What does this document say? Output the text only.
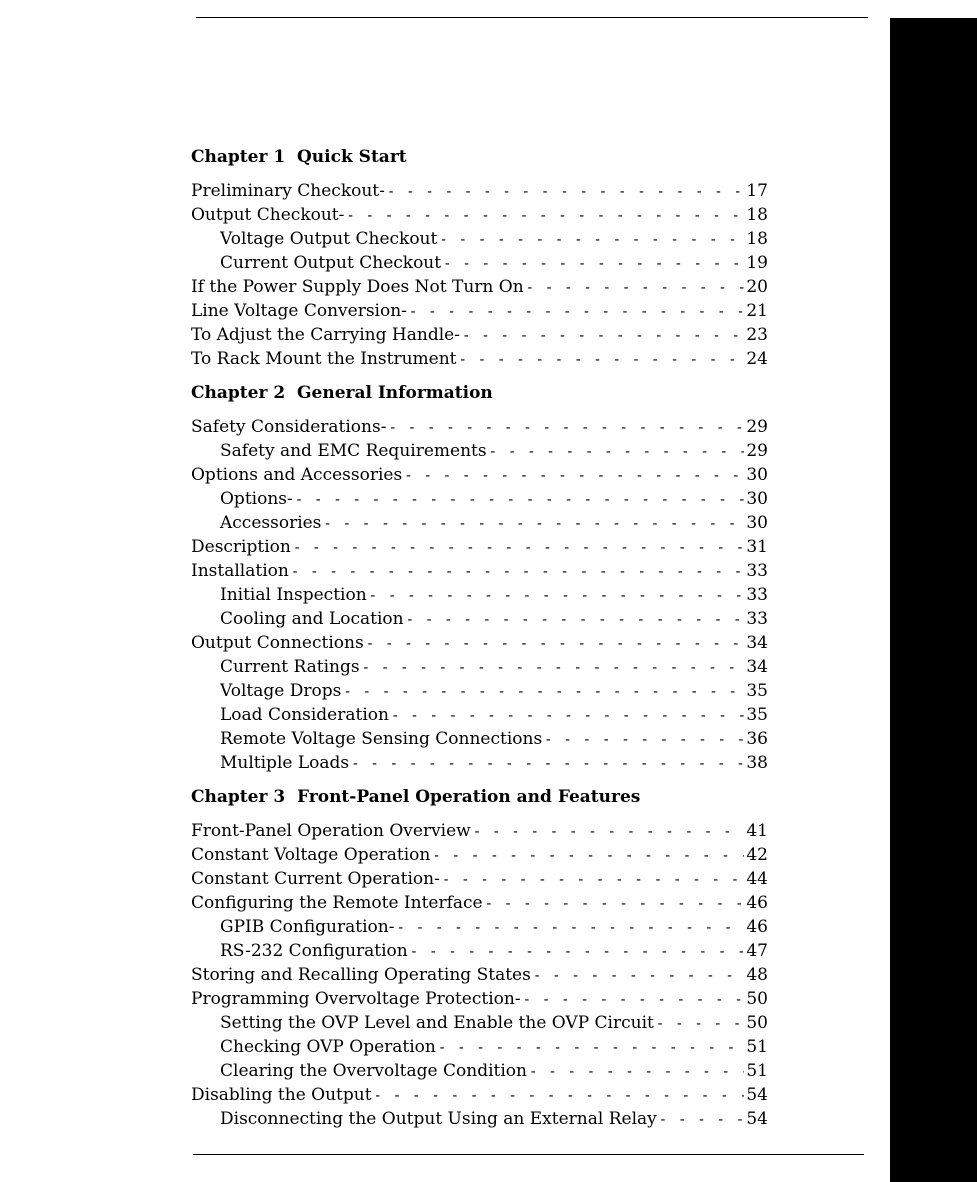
Chapter 1  Quick Start
Preliminary Checkout- - - -	17
Output Checkout- - - -	18
Voltage Output Checkout - - -	18
Current Output Checkout - - -	19
If the Power Supply Does Not Turn On - - -	20
Line Voltage Conversion- - - -	21
To Adjust the Carrying Handle- - - -	23
To Rack Mount the Instrument - - -	24
Chapter 2  General Information
Safety Considerations- - - -	29
Safety and EMC Requirements - - -	29
Options and Accessories - - -	30
Options- - - -	30
Accessories - - -	30
Description - - -	31
Installation - - -	33
Initial Inspection - - -	33
Cooling and Location - - -	33
Output Connections - - -	34
Current Ratings - - -	34
Voltage Drops - - -	35
Load Consideration - - -	35
Remote Voltage Sensing Connections - - -	36
Multiple Loads - - -	38
Chapter 3  Front-Panel Operation and Features
Front-Panel Operation Overview - - -	41
Constant Voltage Operation - - -	42
Constant Current Operation- - - -	44
Configuring the Remote Interface - - -	46
GPIB Configuration- - - -	46
RS-232 Configuration - - -	47
Storing and Recalling Operating States - - -	48
Programming Overvoltage Protection- - - -	50
Setting the OVP Level and Enable the OVP Circuit - - -	50
Checking OVP Operation - - -	51
Clearing the Overvoltage Condition - - -	51
Disabling the Output - - -	54
Disconnecting the Output Using an External Relay - - -	54
